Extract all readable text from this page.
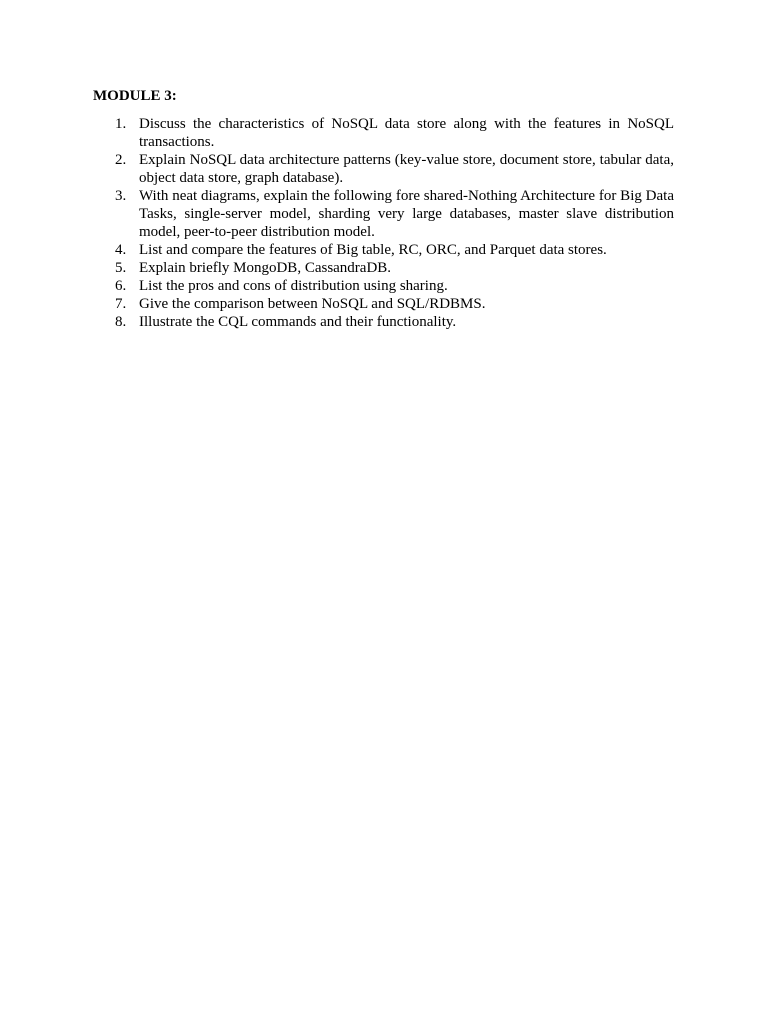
MODULE 3:

1. Discuss the characteristics of NoSQL data store along with the features in NoSQL transactions.
2. Explain NoSQL data architecture patterns (key-value store, document store, tabular data, object data store, graph database).
3. With neat diagrams, explain the following fore shared-Nothing Architecture for Big Data Tasks, single-server model, sharding very large databases, master slave distribution model, peer-to-peer distribution model.
4. List and compare the features of Big table, RC, ORC, and Parquet data stores.
5. Explain briefly MongoDB, CassandraDB.
6. List the pros and cons of distribution using sharing.
7. Give the comparison between NoSQL and SQL/RDBMS.
8. Illustrate the CQL commands and their functionality.
